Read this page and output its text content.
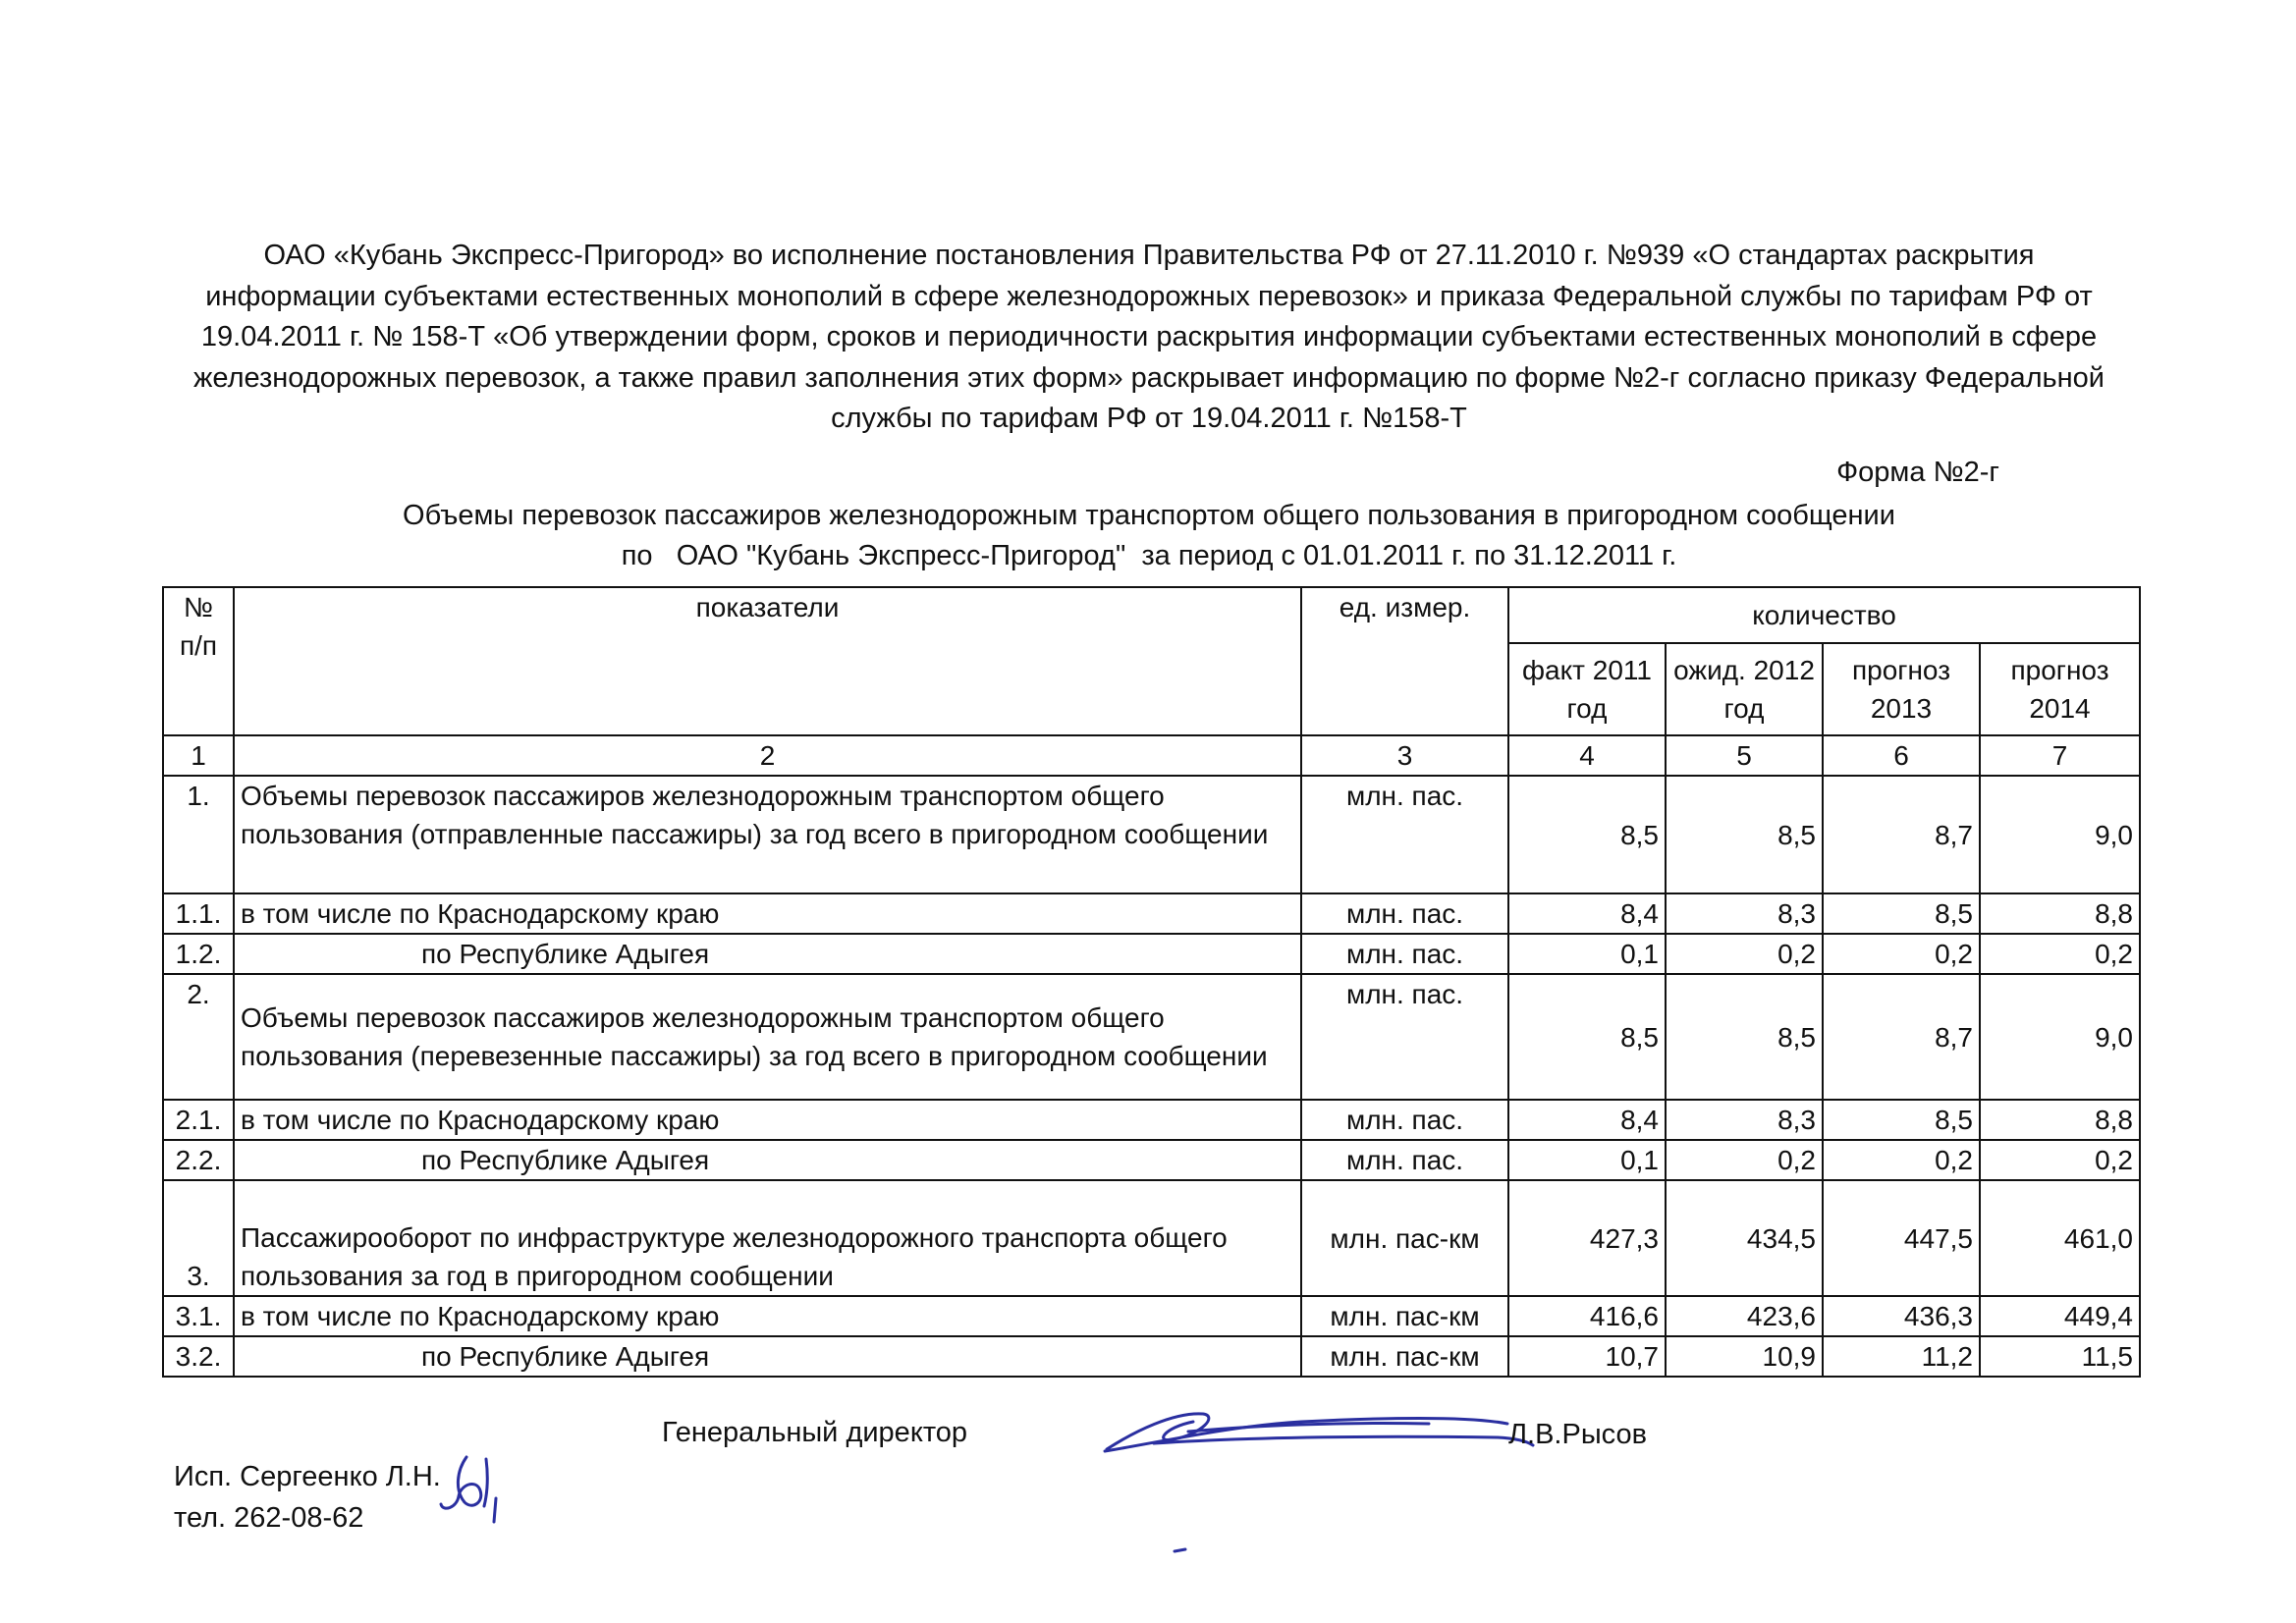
ОАО «Кубань Экспресс-Пригород» во исполнение постановления Правительства РФ от 27.11.2010 г. №939 «О стандартах раскрытия
информации субъектами естественных монополий в сфере железнодорожных перевозок» и приказа Федеральной службы по тарифам РФ от
19.04.2011 г. № 158-Т «Об утверждении форм, сроков и периодичности раскрытия информации субъектами естественных монополий в сфере
железнодорожных перевозок, а также правил заполнения этих форм» раскрывает информацию по форме №2-г согласно приказу Федеральной
службы по тарифам РФ от 19.04.2011 г. №158-Т
Форма №2-г
Объемы перевозок пассажиров железнодорожным транспортом общего пользования в пригородном сообщении
по   ОАО "Кубань Экспресс-Пригород"  за период с 01.01.2011 г. по 31.12.2011 г.
№ п/п	показатели	ед. измер.	количество			
			факт 2011 год	ожид. 2012 год	прогноз 2013	прогноз 2014
1	2	3	4	5	6	7
1.	Объемы перевозок пассажиров железнодорожным транспортом общего пользования (отправленные пассажиры) за год всего в пригородном сообщении	млн. пас.	8,5	8,5	8,7	9,0
1.1.	в том числе по Краснодарскому краю	млн. пас.	8,4	8,3	8,5	8,8
1.2.	по Республике Адыгея	млн. пас.	0,1	0,2	0,2	0,2
2.	Объемы перевозок пассажиров железнодорожным транспортом общего пользования (перевезенные пассажиры) за год всего в пригородном сообщении	млн. пас.	8,5	8,5	8,7	9,0
2.1.	в том числе по Краснодарскому краю	млн. пас.	8,4	8,3	8,5	8,8
2.2.	по Республике Адыгея	млн. пас.	0,1	0,2	0,2	0,2
3.	Пассажирооборот по инфраструктуре железнодорожного транспорта общего пользования за год в пригородном сообщении	млн. пас-км	427,3	434,5	447,5	461,0
3.1.	в том числе по Краснодарскому краю	млн. пас-км	416,6	423,6	436,3	449,4
3.2.	по Республике Адыгея	млн. пас-км	10,7	10,9	11,2	11,5
Генеральный директор	Л.В.Рысов
Исп. Сергеенко Л.Н.
тел. 262-08-62
